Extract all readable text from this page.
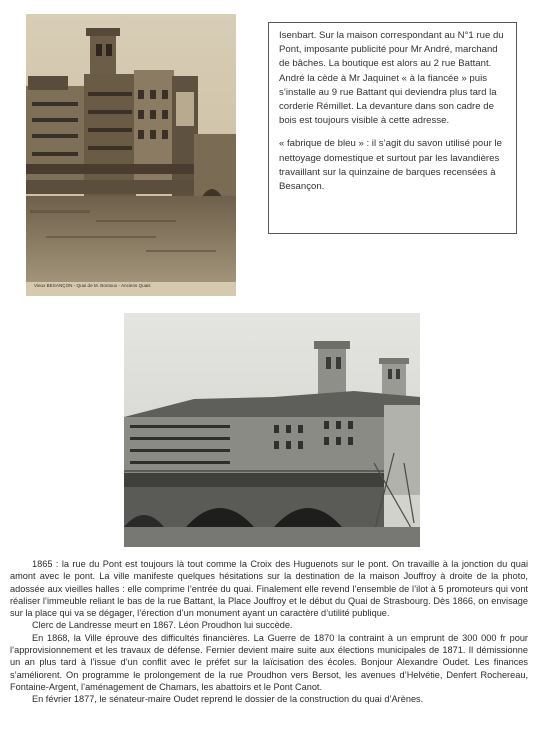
Vieux BESANÇON - Quai de M. Bontoux - Anciens Quais

Isenbart. Sur la maison correspondant au N°1 rue du Pont, imposante publicité pour Mr André, marchand de bâches. La boutique est alors au 2 rue Battant. André la cède à Mr Jaquinet « à la fiancée » puis s’installe au 9 rue Battant qui deviendra plus tard la corderie Rémillet. La devanture dans son cadre de bois est toujours visible à cette adresse.

« fabrique de bleu » : il s’agit du savon utilisé pour le nettoyage domestique et surtout par les lavandières travaillant sur la quinzaine de barques recensées à Besançon.

1865 : la rue du Pont est toujours là tout comme la Croix des Huguenots sur le pont. On travaille à la jonction du quai amont avec le pont. La ville manifeste quelques hésitations sur la destination de la maison Jouffroy à droite de la photo, adossée aux vieilles halles : elle comprime l’entrée du quai. Finalement elle revend l’ensemble de l’ilot à 5 promoteurs qui vont réaliser l’immeuble reliant le bas de la rue Battant, la Place Jouffroy et le début du Quai de Strasbourg. Dès 1866, on envisage sur la place qui va se dégager, l’érection d’un monument ayant un caractère d’utilité publique.

Clerc de Landresse meurt en 1867. Léon Proudhon lui succède.

En 1868, la Ville éprouve des difficultés financières. La Guerre de 1870 la contraint à un emprunt de 300 000 fr pour l’approvisionnement et les travaux de défense. Fernier devient maire suite aux élections municipales de 1871. Il démissionne un an plus tard à l’issue d’un conflit avec le préfet sur la laïcisation des écoles. Bonjour Alexandre Oudet. Les finances s’améliorent. On programme le prolongement de la rue Proudhon vers Bersot, les avenues d’Helvétie, Denfert Rochereau, Fontaine-Argent, l’aménagement de Chamars, les abattoirs et le Pont Canot.

En février 1877, le sénateur-maire Oudet reprend le dossier de la construction du quai d’Arènes.
